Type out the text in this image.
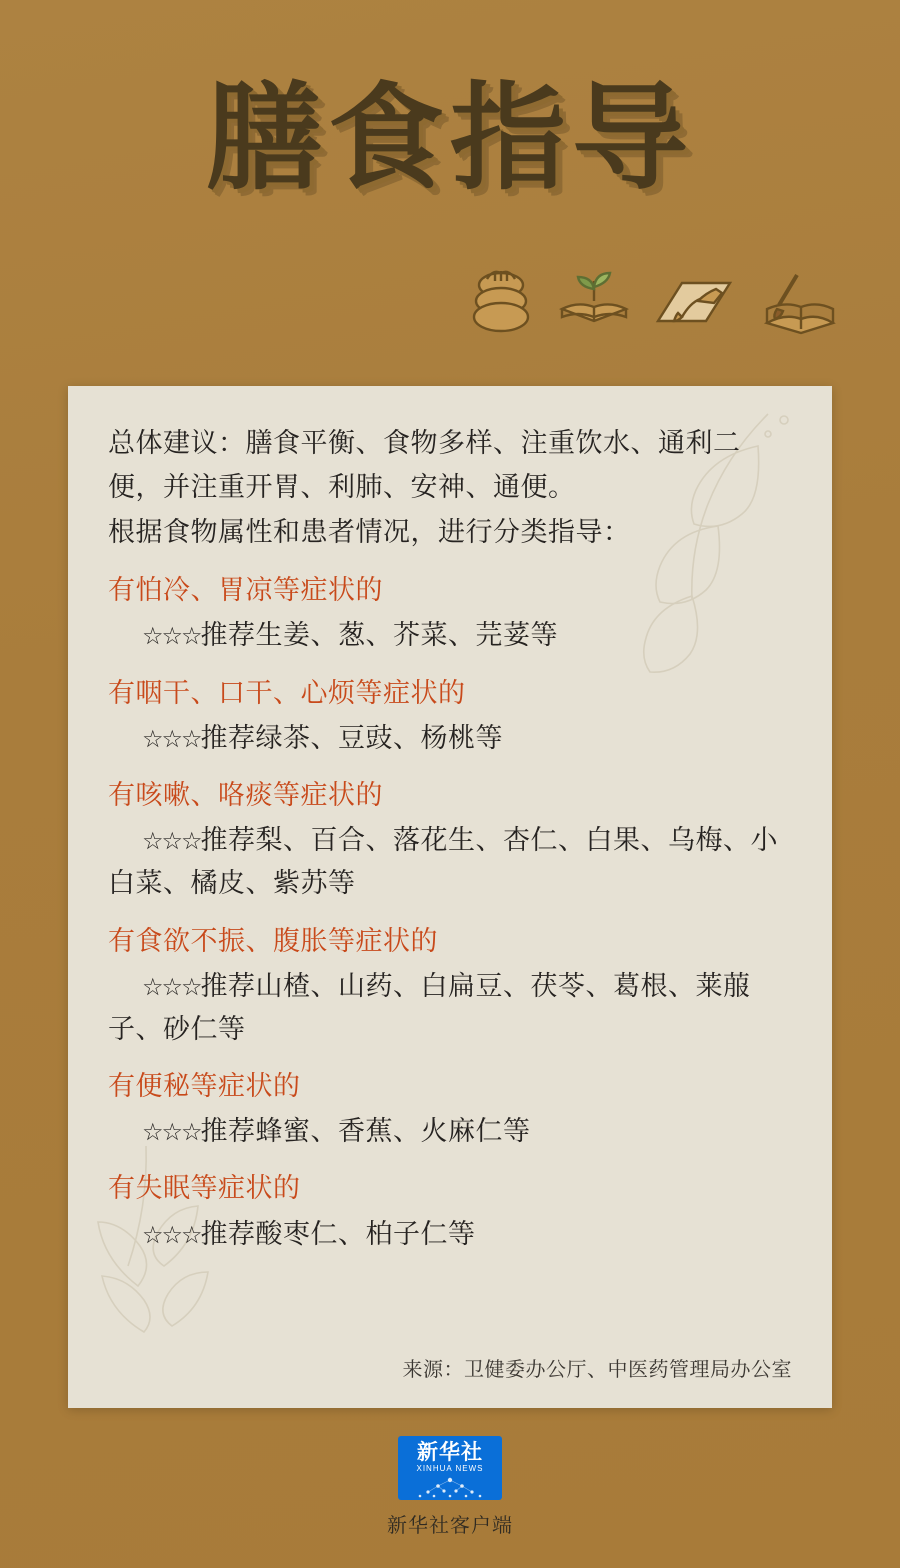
膳食指导

总体建议：膳食平衡、食物多样、注重饮水、通利二便，并注重开胃、利肺、安神、通便。

根据食物属性和患者情况，进行分类指导：

有怕冷、胃凉等症状的

☆☆☆推荐生姜、葱、芥菜、芫荽等

有咽干、口干、心烦等症状的

☆☆☆推荐绿茶、豆豉、杨桃等

有咳嗽、咯痰等症状的

☆☆☆推荐梨、百合、落花生、杏仁、白果、乌梅、小白菜、橘皮、紫苏等

有食欲不振、腹胀等症状的

☆☆☆推荐山楂、山药、白扁豆、茯苓、葛根、莱菔子、砂仁等

有便秘等症状的

☆☆☆推荐蜂蜜、香蕉、火麻仁等

有失眠等症状的

☆☆☆推荐酸枣仁、柏子仁等

来源：卫健委办公厅、中医药管理局办公室
新华社
XINHUA NEWS
新华社客户端
